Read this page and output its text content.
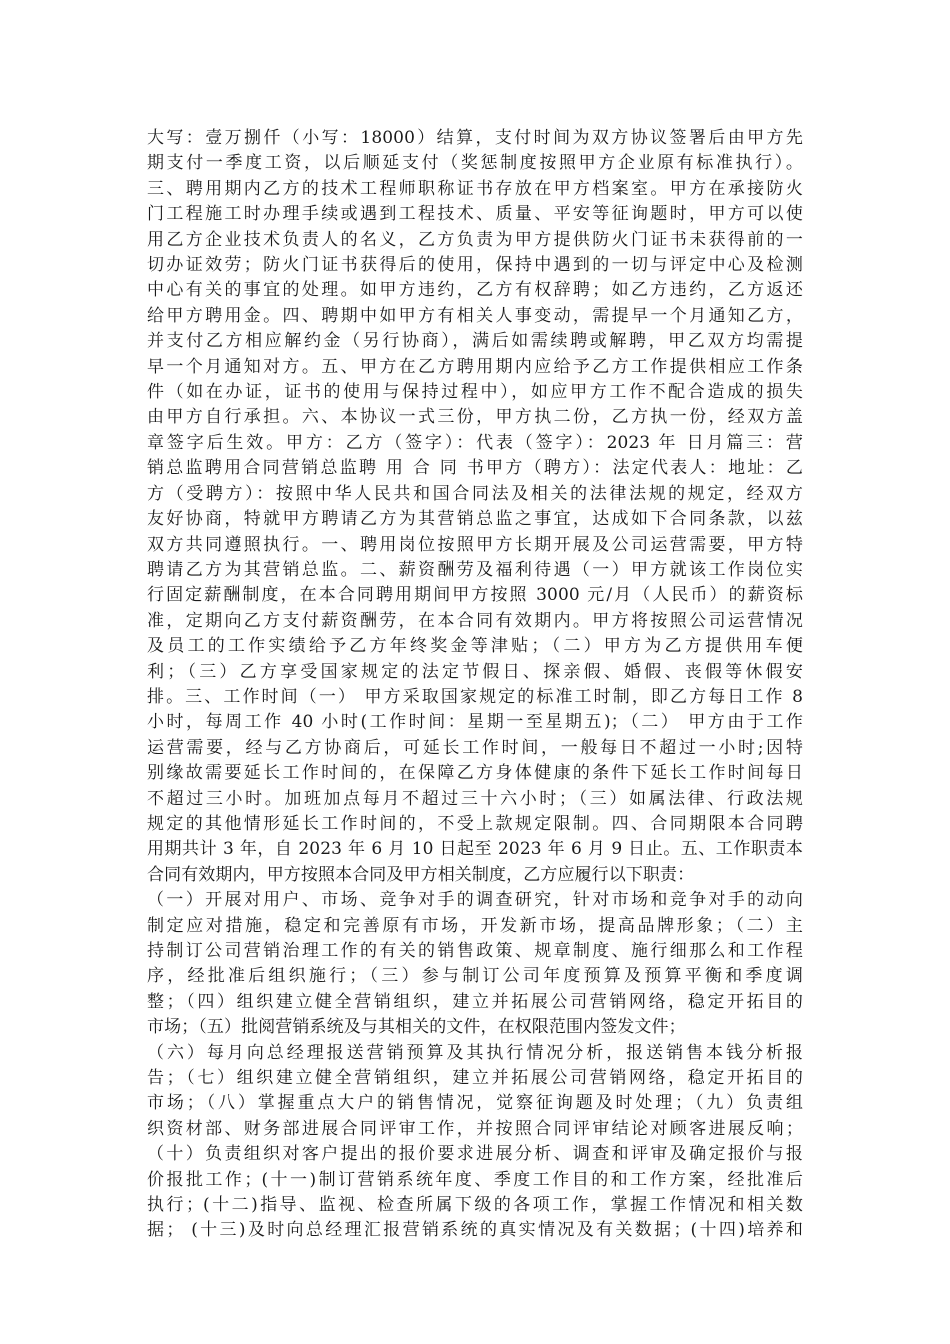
大写：壹万捌仟（小写：18000）结算，支付时间为双方协议签署后由甲方先
期支付一季度工资，以后顺延支付（奖惩制度按照甲方企业原有标准执行）。
三、聘用期内乙方的技术工程师职称证书存放在甲方档案室。甲方在承接防火
门工程施工时办理手续或遇到工程技术、质量、平安等征询题时，甲方可以使
用乙方企业技术负责人的名义，乙方负责为甲方提供防火门证书未获得前的一
切办证效劳；防火门证书获得后的使用，保持中遇到的一切与评定中心及检测
中心有关的事宜的处理。如甲方违约，乙方有权辞聘；如乙方违约，乙方返还
给甲方聘用金。四、聘期中如甲方有相关人事变动，需提早一个月通知乙方，
并支付乙方相应解约金（另行协商），满后如需续聘或解聘，甲乙双方均需提
早一个月通知对方。五、甲方在乙方聘用期内应给予乙方工作提供相应工作条
件（如在办证，证书的使用与保持过程中），如应甲方工作不配合造成的损失
由甲方自行承担。六、本协议一式三份，甲方执二份，乙方执一份，经双方盖
章签字后生效。甲方：乙方（签字）：代表（签字）：2023 年 日月篇三：营
销总监聘用合同营销总监聘 用 合 同 书甲方（聘方）：法定代表人：地址：乙
方（受聘方）：按照中华人民共和国合同法及相关的法律法规的规定，经双方
友好协商，特就甲方聘请乙方为其营销总监之事宜，达成如下合同条款，以兹
双方共同遵照执行。一、聘用岗位按照甲方长期开展及公司运营需要，甲方特
聘请乙方为其营销总监。二、薪资酬劳及福利待遇（一）甲方就该工作岗位实
行固定薪酬制度，在本合同聘用期间甲方按照 3000 元/月（人民币）的薪资标
准，定期向乙方支付薪资酬劳，在本合同有效期内。甲方将按照公司运营情况
及员工的工作实绩给予乙方年终奖金等津贴；（二）甲方为乙方提供用车便
利；（三）乙方享受国家规定的法定节假日、探亲假、婚假、丧假等休假安
排。三、工作时间（一） 甲方采取国家规定的标准工时制，即乙方每日工作 8
小时，每周工作 40 小时(工作时间：星期一至星期五)；（二） 甲方由于工作
运营需要，经与乙方协商后，可延长工作时间，一般每日不超过一小时;因特
别缘故需要延长工作时间的，在保障乙方身体健康的条件下延长工作时间每日
不超过三小时。加班加点每月不超过三十六小时；（三）如属法律、行政法规
规定的其他情形延长工作时间的，不受上款规定限制。四、合同期限本合同聘
用期共计 3 年，自 2023 年 6 月 10 日起至 2023 年 6 月 9 日止。五、工作职责本
合同有效期内，甲方按照本合同及甲方相关制度，乙方应履行以下职责：
（一）开展对用户、市场、竞争对手的调查研究，针对市场和竞争对手的动向
制定应对措施，稳定和完善原有市场，开发新市场，提高品牌形象；（二）主
持制订公司营销治理工作的有关的销售政策、规章制度、施行细那么和工作程
序，经批准后组织施行；（三）参与制订公司年度预算及预算平衡和季度调
整；（四）组织建立健全营销组织，建立并拓展公司营销网络，稳定开拓目的
市场；（五）批阅营销系统及与其相关的文件，在权限范围内签发文件；
（六）每月向总经理报送营销预算及其执行情况分析，报送销售本钱分析报
告；（七）组织建立健全营销组织，建立并拓展公司营销网络，稳定开拓目的
市场；（八）掌握重点大户的销售情况，觉察征询题及时处理；（九）负责组
织资材部、财务部进展合同评审工作，并按照合同评审结论对顾客进展反响；
（十）负责组织对客户提出的报价要求进展分析、调查和评审及确定报价与报
价报批工作；(十一)制订营销系统年度、季度工作目的和工作方案，经批准后
执行；(十二)指导、监视、检查所属下级的各项工作，掌握工作情况和相关数
据； (十三)及时向总经理汇报营销系统的真实情况及有关数据；(十四)培养和
